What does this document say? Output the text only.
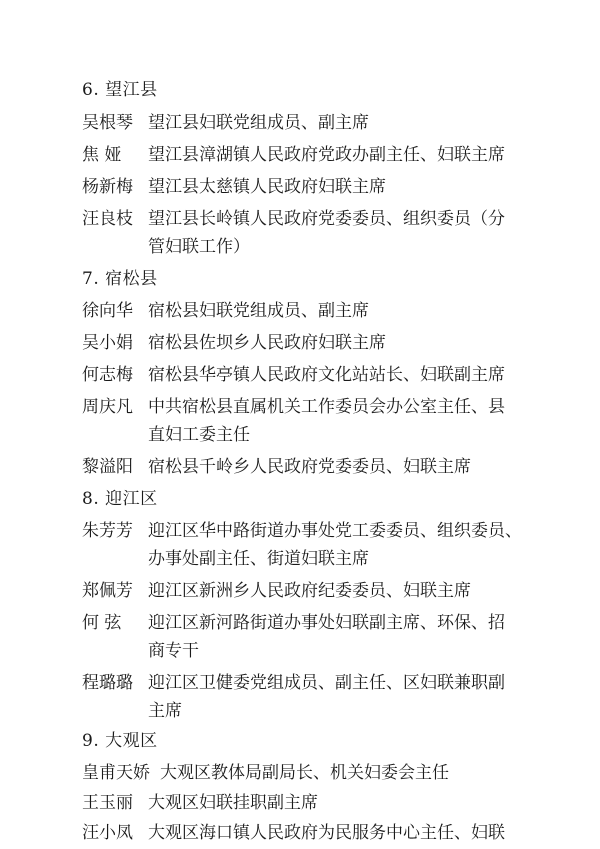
6. 望江县
吴根琴 望江县妇联党组成员、副主席
焦 娅 望江县漳湖镇人民政府党政办副主任、妇联主席
杨新梅 望江县太慈镇人民政府妇联主席
汪良枝 望江县长岭镇人民政府党委委员、组织委员（分
管妇联工作）
7. 宿松县
徐向华 宿松县妇联党组成员、副主席
吴小娟 宿松县佐坝乡人民政府妇联主席
何志梅 宿松县华亭镇人民政府文化站站长、妇联副主席
周庆凡 中共宿松县直属机关工作委员会办公室主任、县
直妇工委主任
黎溢阳 宿松县千岭乡人民政府党委委员、妇联主席
8. 迎江区
朱芳芳 迎江区华中路街道办事处党工委委员、组织委员、
办事处副主任、街道妇联主席
郑佩芳 迎江区新洲乡人民政府纪委委员、妇联主席
何 弦 迎江区新河路街道办事处妇联副主席、环保、招
商专干
程璐璐 迎江区卫健委党组成员、副主任、区妇联兼职副
主席
9. 大观区
皇甫天娇 大观区教体局副局长、机关妇委会主任
王玉丽 大观区妇联挂职副主席
汪小凤 大观区海口镇人民政府为民服务中心主任、妇联
